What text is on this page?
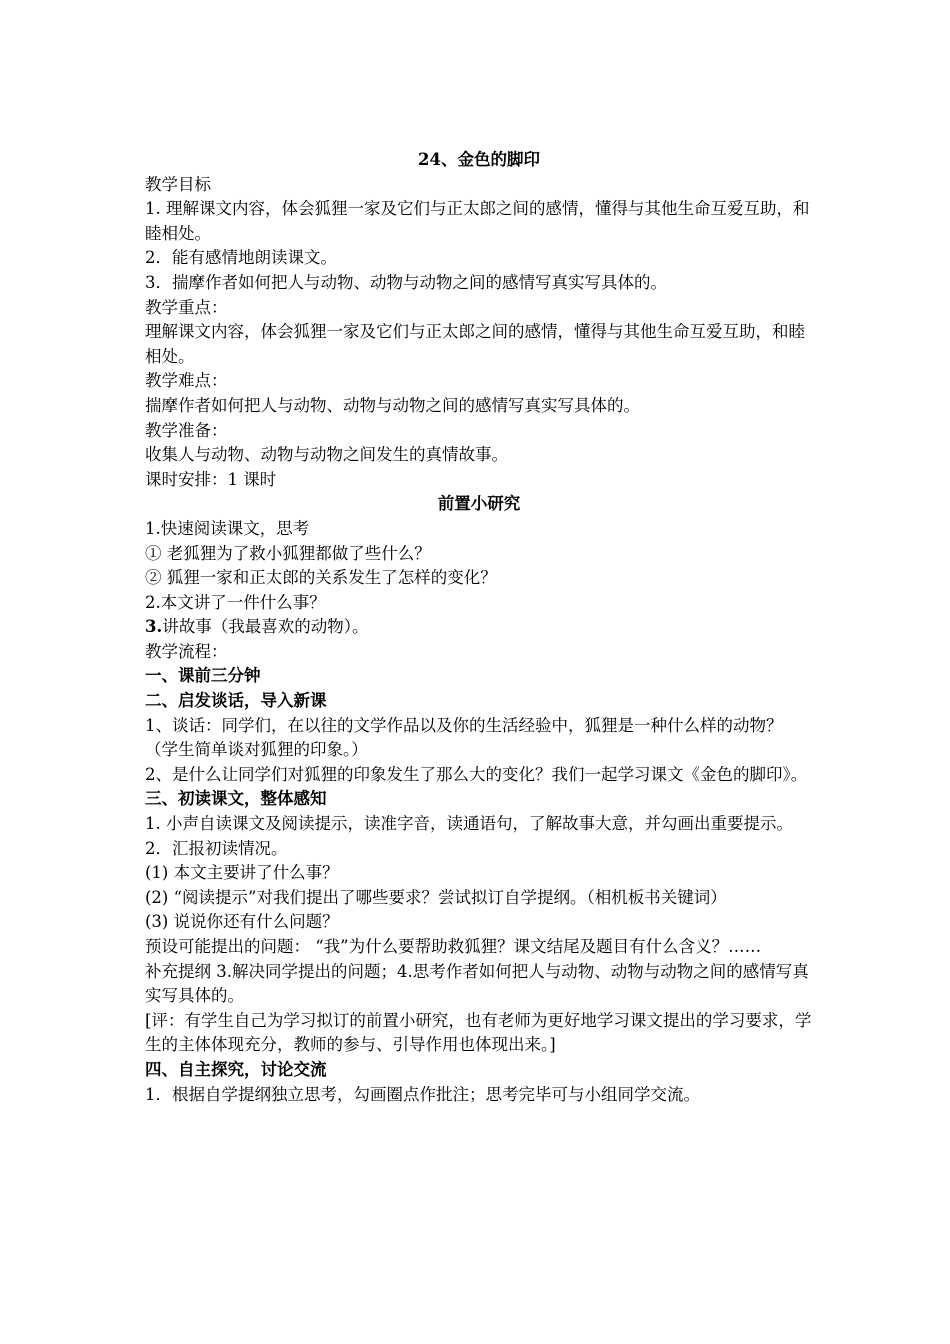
24、金色的脚印
教学目标
1. 理解课文内容，体会狐狸一家及它们与正太郎之间的感情，懂得与其他生命互爱互助，和睦相处。
2．能有感情地朗读课文。
3．揣摩作者如何把人与动物、动物与动物之间的感情写真实写具体的。
教学重点：
理解课文内容，体会狐狸一家及它们与正太郎之间的感情，懂得与其他生命互爱互助，和睦相处。
教学难点：
揣摩作者如何把人与动物、动物与动物之间的感情写真实写具体的。
教学准备：
收集人与动物、动物与动物之间发生的真情故事。
课时安排：1 课时
前置小研究
1.快速阅读课文，思考
① 老狐狸为了救小狐狸都做了些什么？
② 狐狸一家和正太郎的关系发生了怎样的变化？
2.本文讲了一件什么事？
3.讲故事（我最喜欢的动物）。
教学流程：
一、课前三分钟
二、启发谈话，导入新课
1、谈话：同学们，在以往的文学作品以及你的生活经验中，狐狸是一种什么样的动物？（学生简单谈对狐狸的印象。）
2、是什么让同学们对狐狸的印象发生了那么大的变化？我们一起学习课文《金色的脚印》。
三、初读课文，整体感知
1. 小声自读课文及阅读提示，读准字音，读通语句，了解故事大意，并勾画出重要提示。
2．汇报初读情况。
(1) 本文主要讲了什么事？
(2) “阅读提示”对我们提出了哪些要求？尝试拟订自学提纲。（相机板书关键词）
(3) 说说你还有什么问题？
预设可能提出的问题： “我”为什么要帮助救狐狸？课文结尾及题目有什么含义？……
补充提纲 3.解决同学提出的问题；4.思考作者如何把人与动物、动物与动物之间的感情写真实写具体的。
[评：有学生自己为学习拟订的前置小研究，也有老师为更好地学习课文提出的学习要求，学生的主体体现充分，教师的参与、引导作用也体现出来。]
四、自主探究，讨论交流
1．根据自学提纲独立思考，勾画圈点作批注；思考完毕可与小组同学交流。
